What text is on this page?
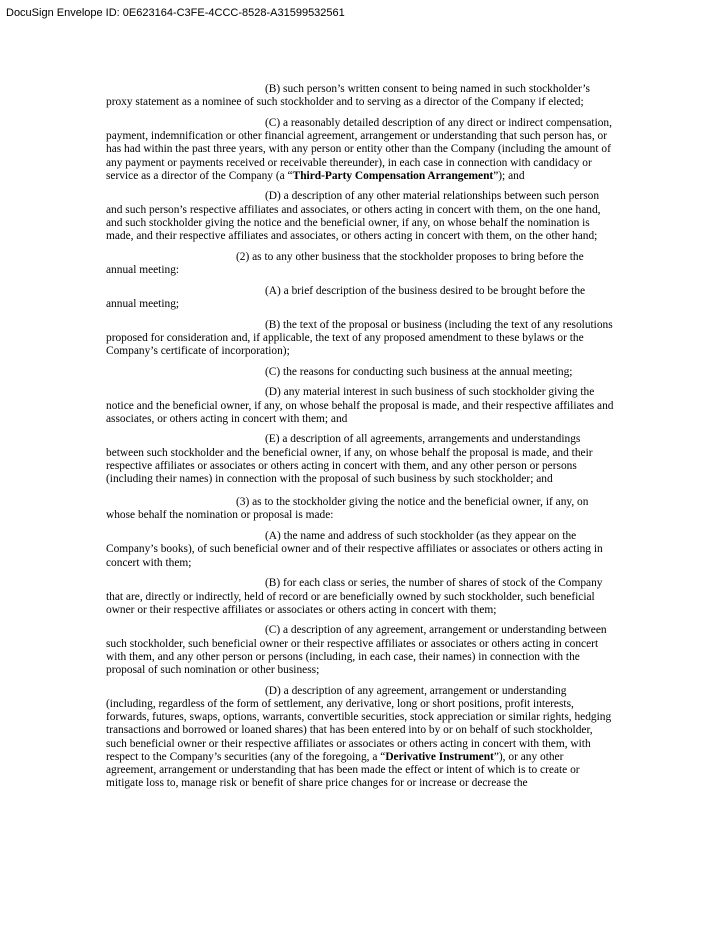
DocuSign Envelope ID: 0E623164-C3FE-4CCC-8528-A31599532561

(B) such person’s written consent to being named in such stockholder’s proxy statement as a nominee of such stockholder and to serving as a director of the Company if elected;

(C) a reasonably detailed description of any direct or indirect compensation, payment, indemnification or other financial agreement, arrangement or understanding that such person has, or has had within the past three years, with any person or entity other than the Company (including the amount of any payment or payments received or receivable thereunder), in each case in connection with candidacy or service as a director of the Company (a “Third-Party Compensation Arrangement”); and

(D) a description of any other material relationships between such person and such person’s respective affiliates and associates, or others acting in concert with them, on the one hand, and such stockholder giving the notice and the beneficial owner, if any, on whose behalf the nomination is made, and their respective affiliates and associates, or others acting in concert with them, on the other hand;

(2) as to any other business that the stockholder proposes to bring before the annual meeting:

(A) a brief description of the business desired to be brought before the annual meeting;

(B) the text of the proposal or business (including the text of any resolutions proposed for consideration and, if applicable, the text of any proposed amendment to these bylaws or the Company’s certificate of incorporation);

(C) the reasons for conducting such business at the annual meeting;

(D) any material interest in such business of such stockholder giving the notice and the beneficial owner, if any, on whose behalf the proposal is made, and their respective affiliates and associates, or others acting in concert with them; and

(E) a description of all agreements, arrangements and understandings between such stockholder and the beneficial owner, if any, on whose behalf the proposal is made, and their respective affiliates or associates or others acting in concert with them, and any other person or persons (including their names) in connection with the proposal of such business by such stockholder; and

(3) as to the stockholder giving the notice and the beneficial owner, if any, on whose behalf the nomination or proposal is made:

(A) the name and address of such stockholder (as they appear on the Company’s books), of such beneficial owner and of their respective affiliates or associates or others acting in concert with them;

(B) for each class or series, the number of shares of stock of the Company that are, directly or indirectly, held of record or are beneficially owned by such stockholder, such beneficial owner or their respective affiliates or associates or others acting in concert with them;

(C) a description of any agreement, arrangement or understanding between such stockholder, such beneficial owner or their respective affiliates or associates or others acting in concert with them, and any other person or persons (including, in each case, their names) in connection with the proposal of such nomination or other business;

(D) a description of any agreement, arrangement or understanding (including, regardless of the form of settlement, any derivative, long or short positions, profit interests, forwards, futures, swaps, options, warrants, convertible securities, stock appreciation or similar rights, hedging transactions and borrowed or loaned shares) that has been entered into by or on behalf of such stockholder, such beneficial owner or their respective affiliates or associates or others acting in concert with them, with respect to the Company’s securities (any of the foregoing, a “Derivative Instrument”), or any other agreement, arrangement or understanding that has been made the effect or intent of which is to create or mitigate loss to, manage risk or benefit of share price changes for or increase or decrease the
